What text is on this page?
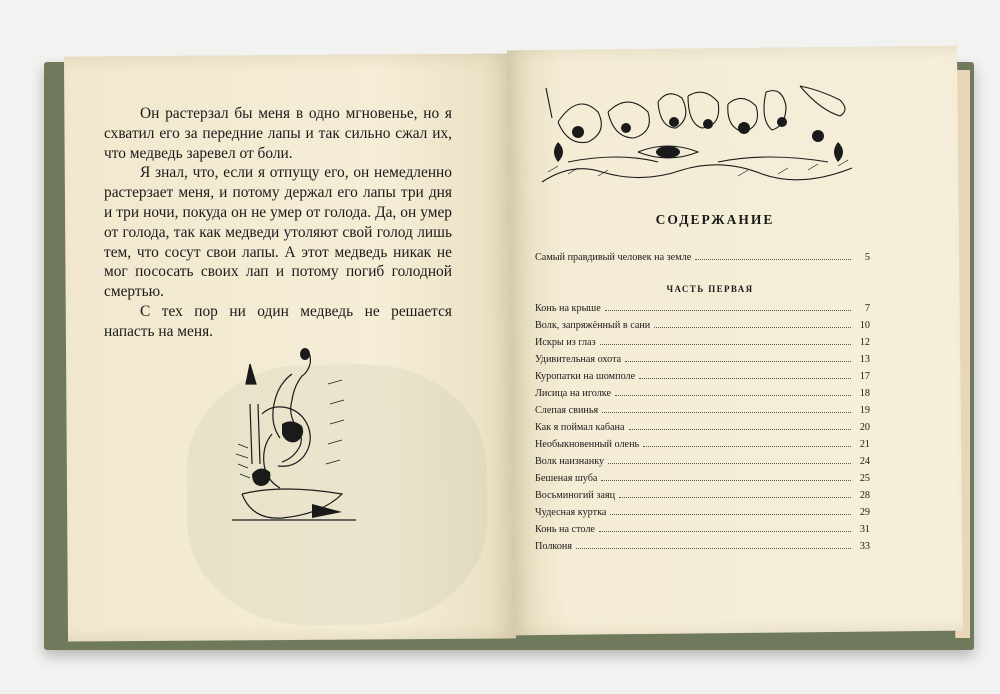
Он растерзал бы меня в одно мгновенье, но я схватил его за передние лапы и так сильно сжал их, что медведь заревел от боли.

Я знал, что, если я отпущу его, он немедленно растерзает меня, и потому держал его лапы три дня и три ночи, покуда он не умер от голода. Да, он умер от голода, так как медведи утоляют свой голод лишь тем, что сосут свои лапы. А этот медведь никак не мог пососать своих лап и потому погиб голодной смертью.

С тех пор ни один медведь не решается напасть на меня.

СОДЕРЖАНИЕ
Самый правдивый человек на земле	5
ЧАСТЬ ПЕРВАЯ
Конь на крыше	7
Волк, запряжённый в сани	10
Искры из глаз	12
Удивительная охота	13
Куропатки на шомполе	17
Лисица на иголке	18
Слепая свинья	19
Как я поймал кабана	20
Необыкновенный олень	21
Волк наизнанку	24
Бешеная шуба	25
Восьминогий заяц	28
Чудесная куртка	29
Конь на столе	31
Полконя	33
